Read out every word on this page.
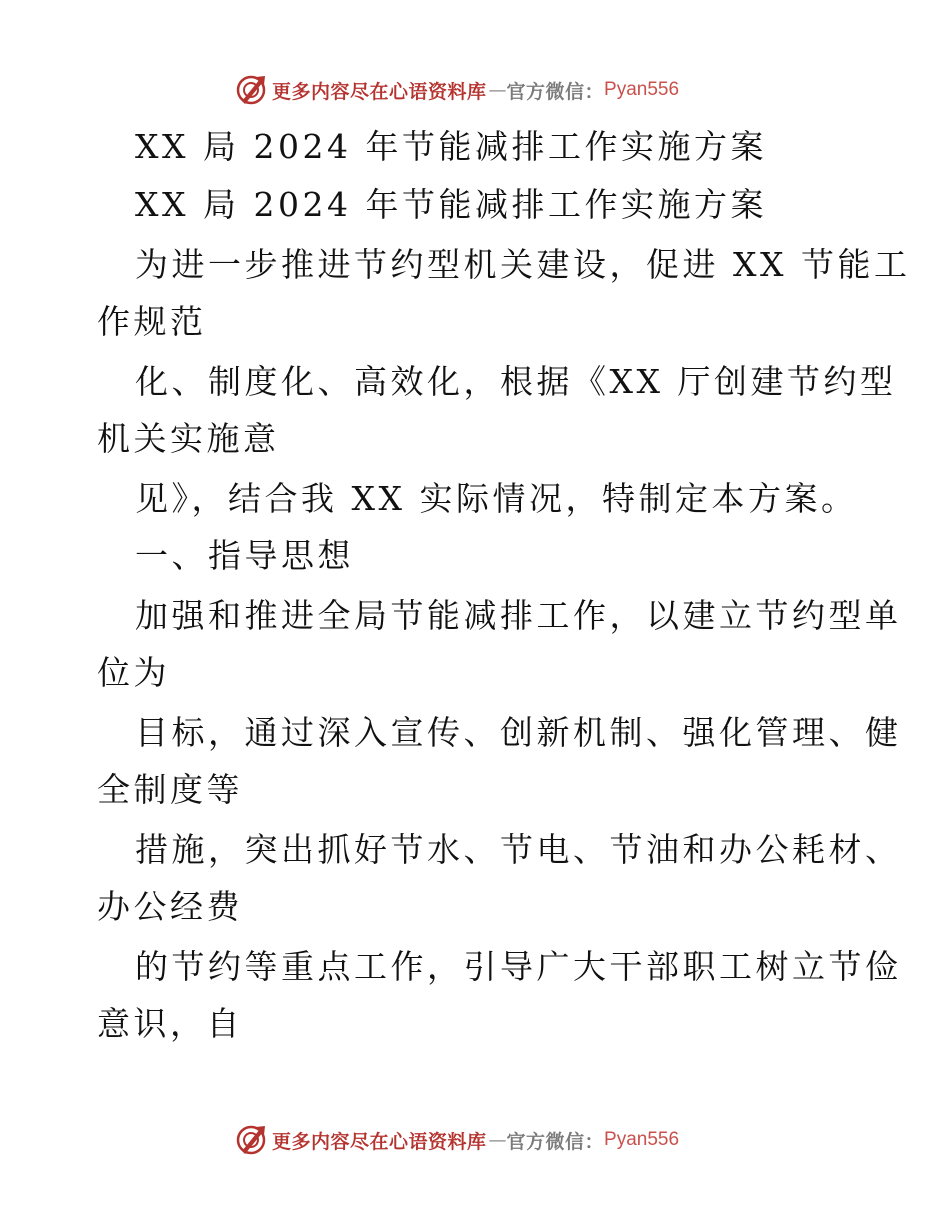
更多内容尽在心语资料库 — 官方微信： Pyan556
XX 局 2024 年节能减排工作实施方案
XX 局 2024 年节能减排工作实施方案
为进一步推进节约型机关建设，促进 XX 节能工
作规范
化、制度化、高效化，根据《XX 厅创建节约型
机关实施意
见》，结合我 XX 实际情况，特制定本方案。
一、指导思想
加强和推进全局节能减排工作，以建立节约型单
位为
目标，通过深入宣传、创新机制、强化管理、健
全制度等
措施，突出抓好节水、节电、节油和办公耗材、
办公经费
的节约等重点工作，引导广大干部职工树立节俭
意识，自
更多内容尽在心语资料库 — 官方微信： Pyan556
